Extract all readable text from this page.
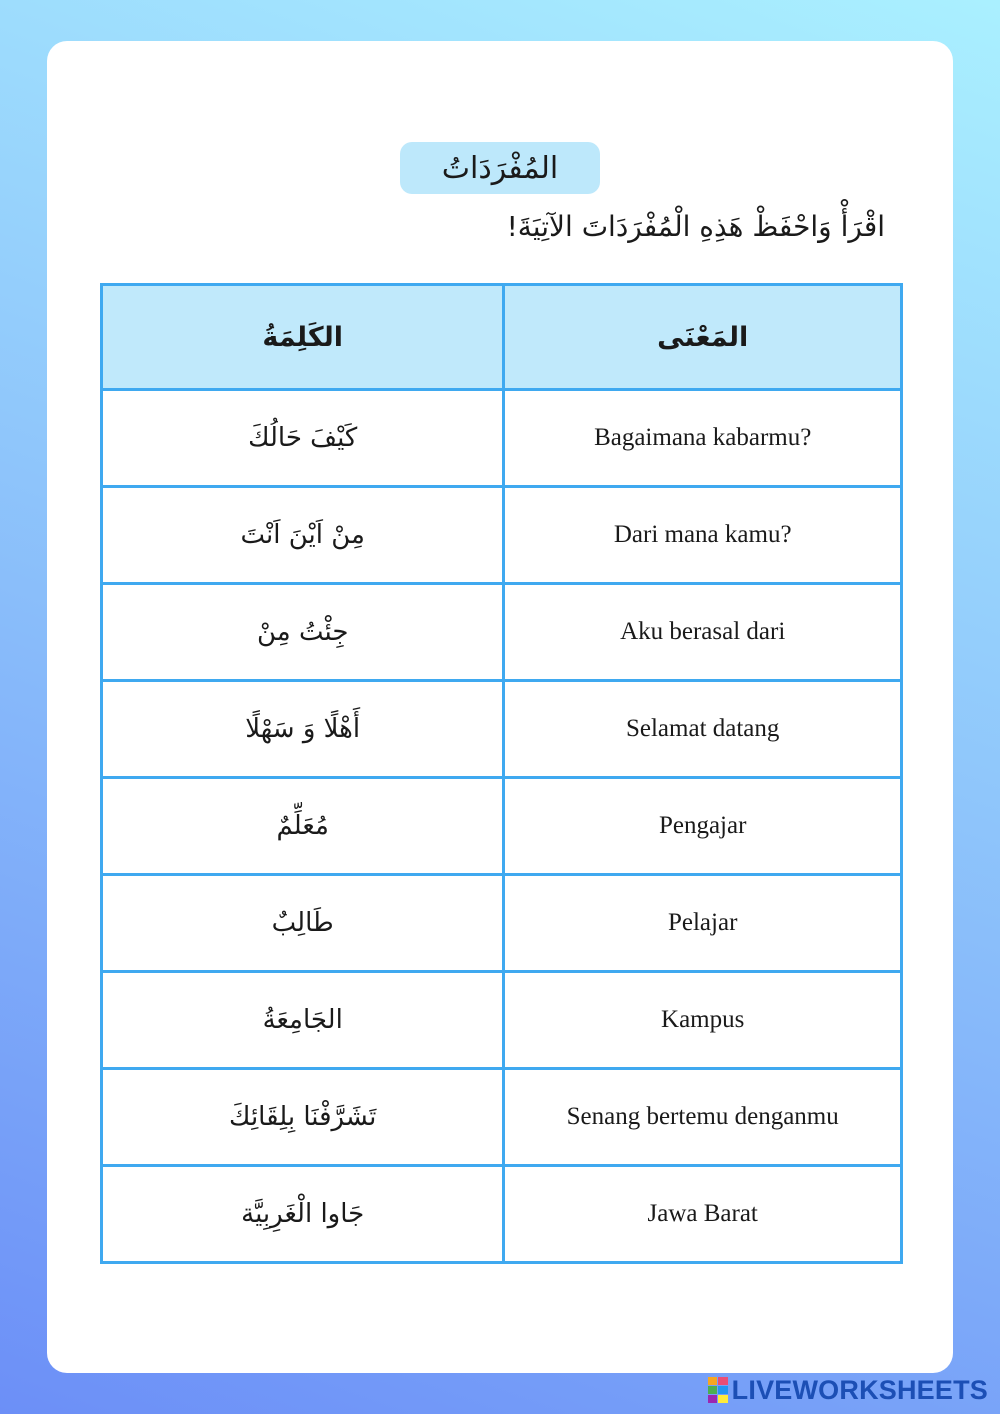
المُفْرَدَاتُ
اقْرَأْ وَاحْفَظْ هَذِهِ الْمُفْرَدَاتَ الآتِيَةَ!
الكَلِمَةُ	المَعْنَى
كَيْفَ حَالُكَ	Bagaimana kabarmu?
مِنْ اَيْنَ اَنْتَ	Dari mana kamu?
جِئْتُ مِنْ	Aku berasal dari
أَهْلًا وَ سَهْلًا	Selamat datang
مُعَلِّمٌ	Pengajar
طَالِبٌ	Pelajar
الجَامِعَةُ	Kampus
تَشَرَّفْنَا بِلِقَائِكَ	Senang bertemu denganmu
جَاوا الْغَرِبِيَّة	Jawa Barat
LIVEWORKSHEETS
